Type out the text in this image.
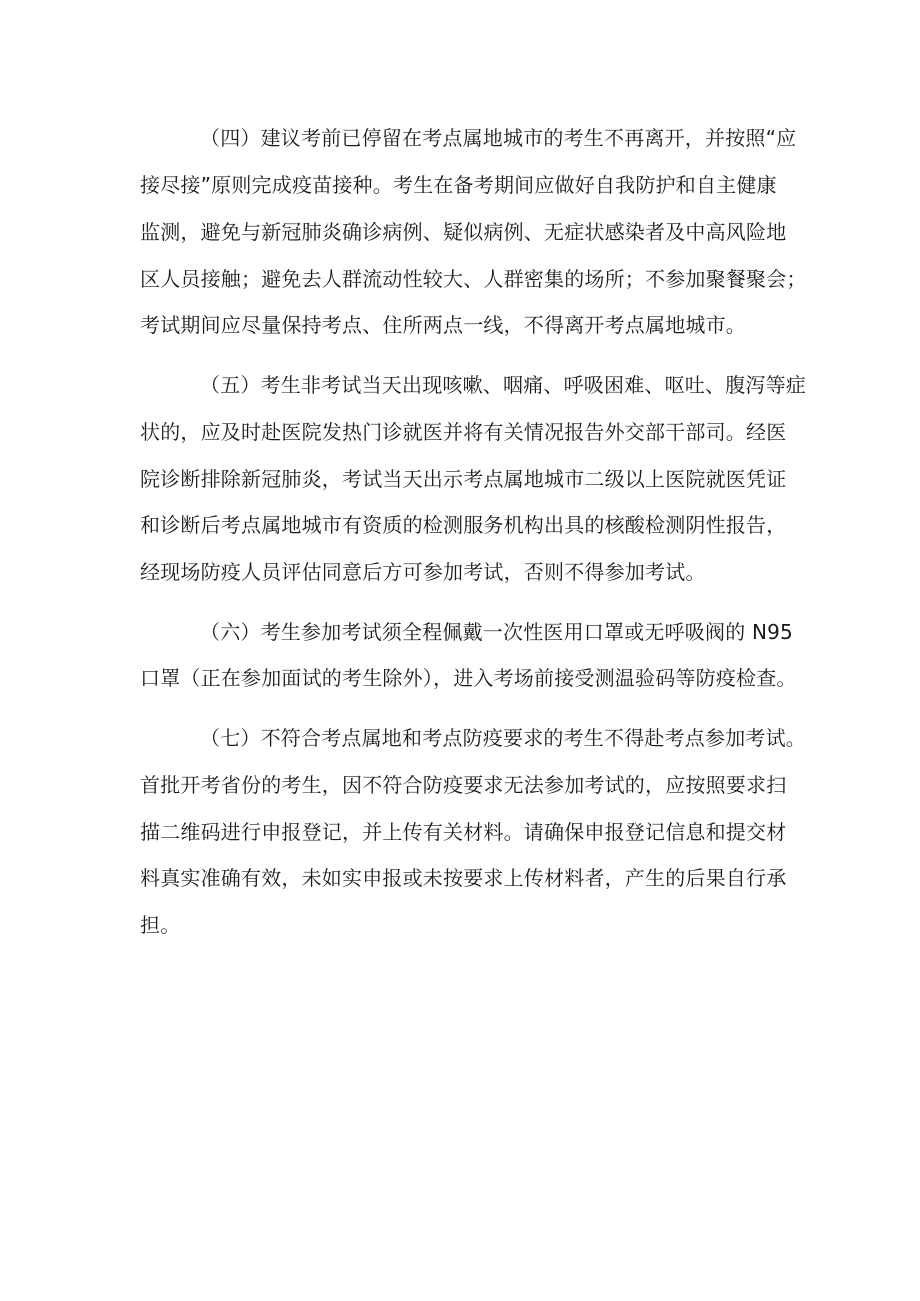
（四）建议考前已停留在考点属地城市的考生不再离开，并按照“应

接尽接”原则完成疫苗接种。考生在备考期间应做好自我防护和自主健康

监测，避免与新冠肺炎确诊病例、疑似病例、无症状感染者及中高风险地

区人员接触；避免去人群流动性较大、人群密集的场所；不参加聚餐聚会；

考试期间应尽量保持考点、住所两点一线，不得离开考点属地城市。

（五）考生非考试当天出现咳嗽、咽痛、呼吸困难、呕吐、腹泻等症

状的，应及时赴医院发热门诊就医并将有关情况报告外交部干部司。经医

院诊断排除新冠肺炎，考试当天出示考点属地城市二级以上医院就医凭证

和诊断后考点属地城市有资质的检测服务机构出具的核酸检测阴性报告，

经现场防疫人员评估同意后方可参加考试，否则不得参加考试。

（六）考生参加考试须全程佩戴一次性医用口罩或无呼吸阀的 N95

口罩（正在参加面试的考生除外），进入考场前接受测温验码等防疫检查。

（七）不符合考点属地和考点防疫要求的考生不得赴考点参加考试。

首批开考省份的考生，因不符合防疫要求无法参加考试的，应按照要求扫

描二维码进行申报登记，并上传有关材料。请确保申报登记信息和提交材

料真实准确有效，未如实申报或未按要求上传材料者，产生的后果自行承

担。
